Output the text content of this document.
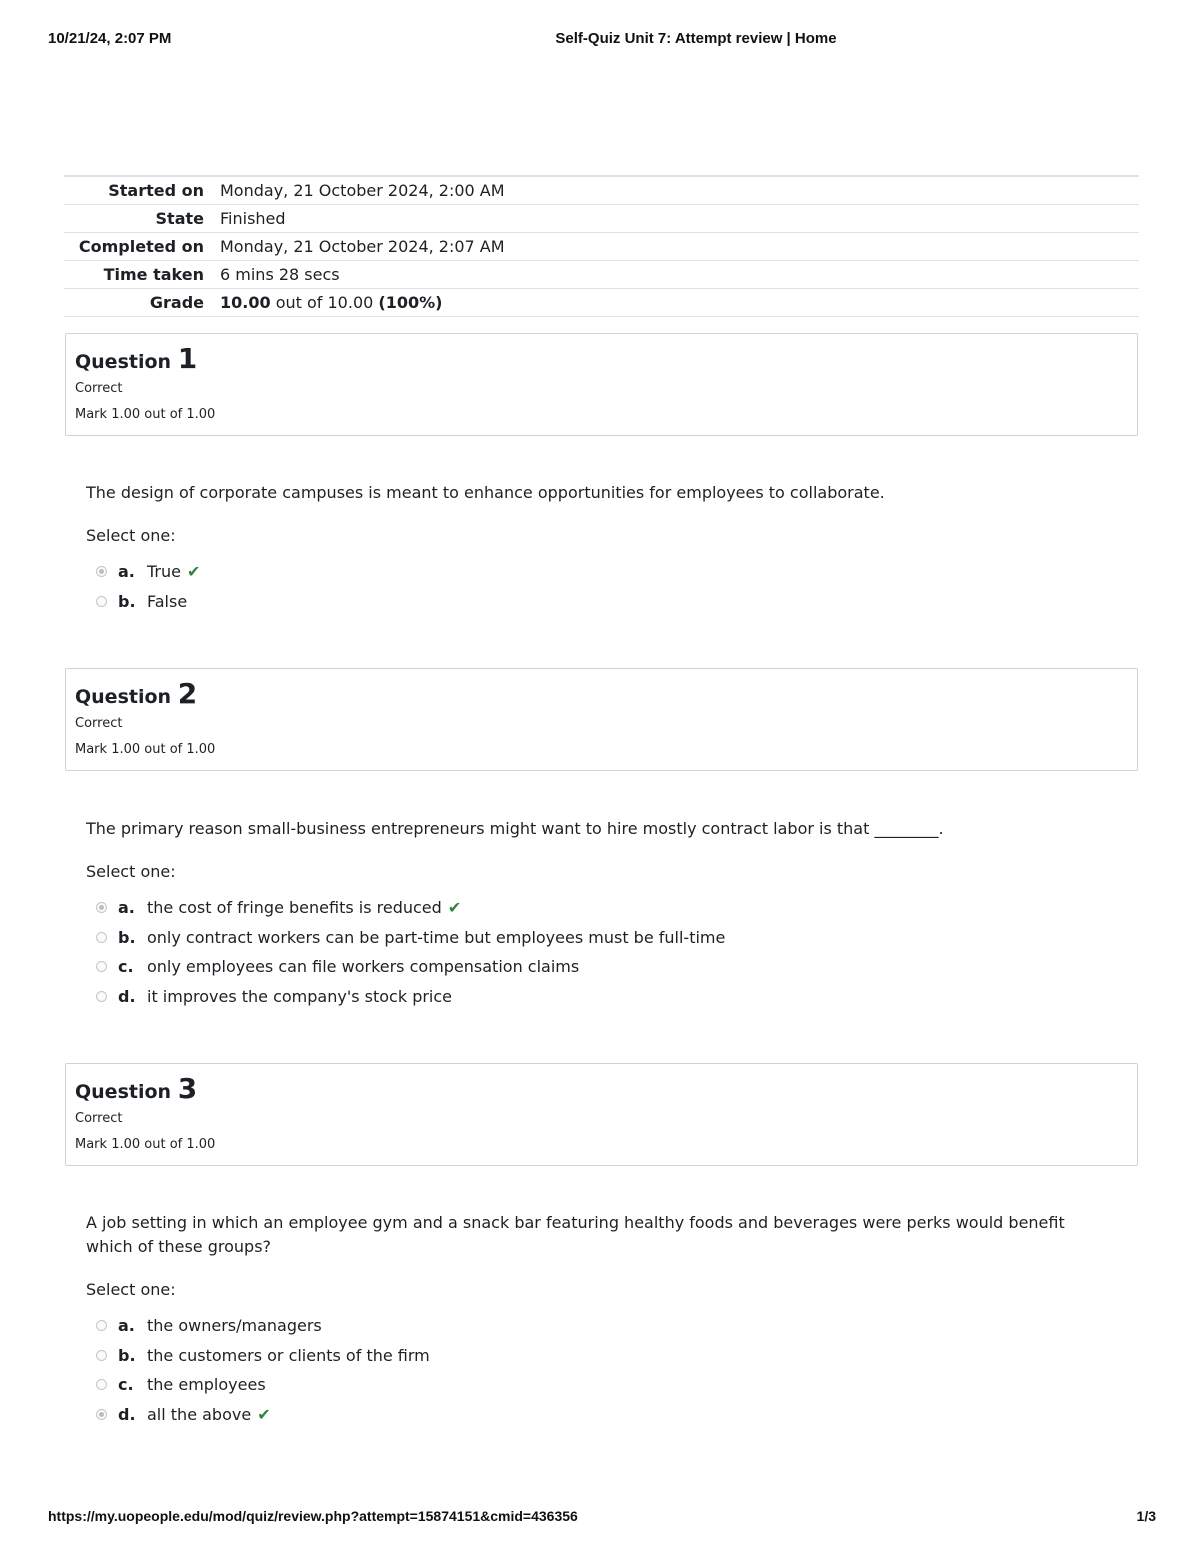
10/21/24, 2:07 PM	Self-Quiz Unit 7: Attempt review | Home
Started on	Monday, 21 October 2024, 2:00 AM
State	Finished
Completed on	Monday, 21 October 2024, 2:07 AM
Time taken	6 mins 28 secs
Grade	10.00 out of 10.00 (100%)
Question 1
Correct
Mark 1.00 out of 1.00
The design of corporate campuses is meant to enhance opportunities for employees to collaborate.
Select one:
a. True ✔
b. False
Question 2
Correct
Mark 1.00 out of 1.00
The primary reason small-business entrepreneurs might want to hire mostly contract labor is that ________.
Select one:
a. the cost of fringe benefits is reduced ✔
b. only contract workers can be part-time but employees must be full-time
c. only employees can file workers compensation claims
d. it improves the company's stock price
Question 3
Correct
Mark 1.00 out of 1.00
A job setting in which an employee gym and a snack bar featuring healthy foods and beverages were perks would benefit which of these groups?
Select one:
a. the owners/managers
b. the customers or clients of the firm
c. the employees
d. all the above ✔
https://my.uopeople.edu/mod/quiz/review.php?attempt=15874151&cmid=436356	1/3
